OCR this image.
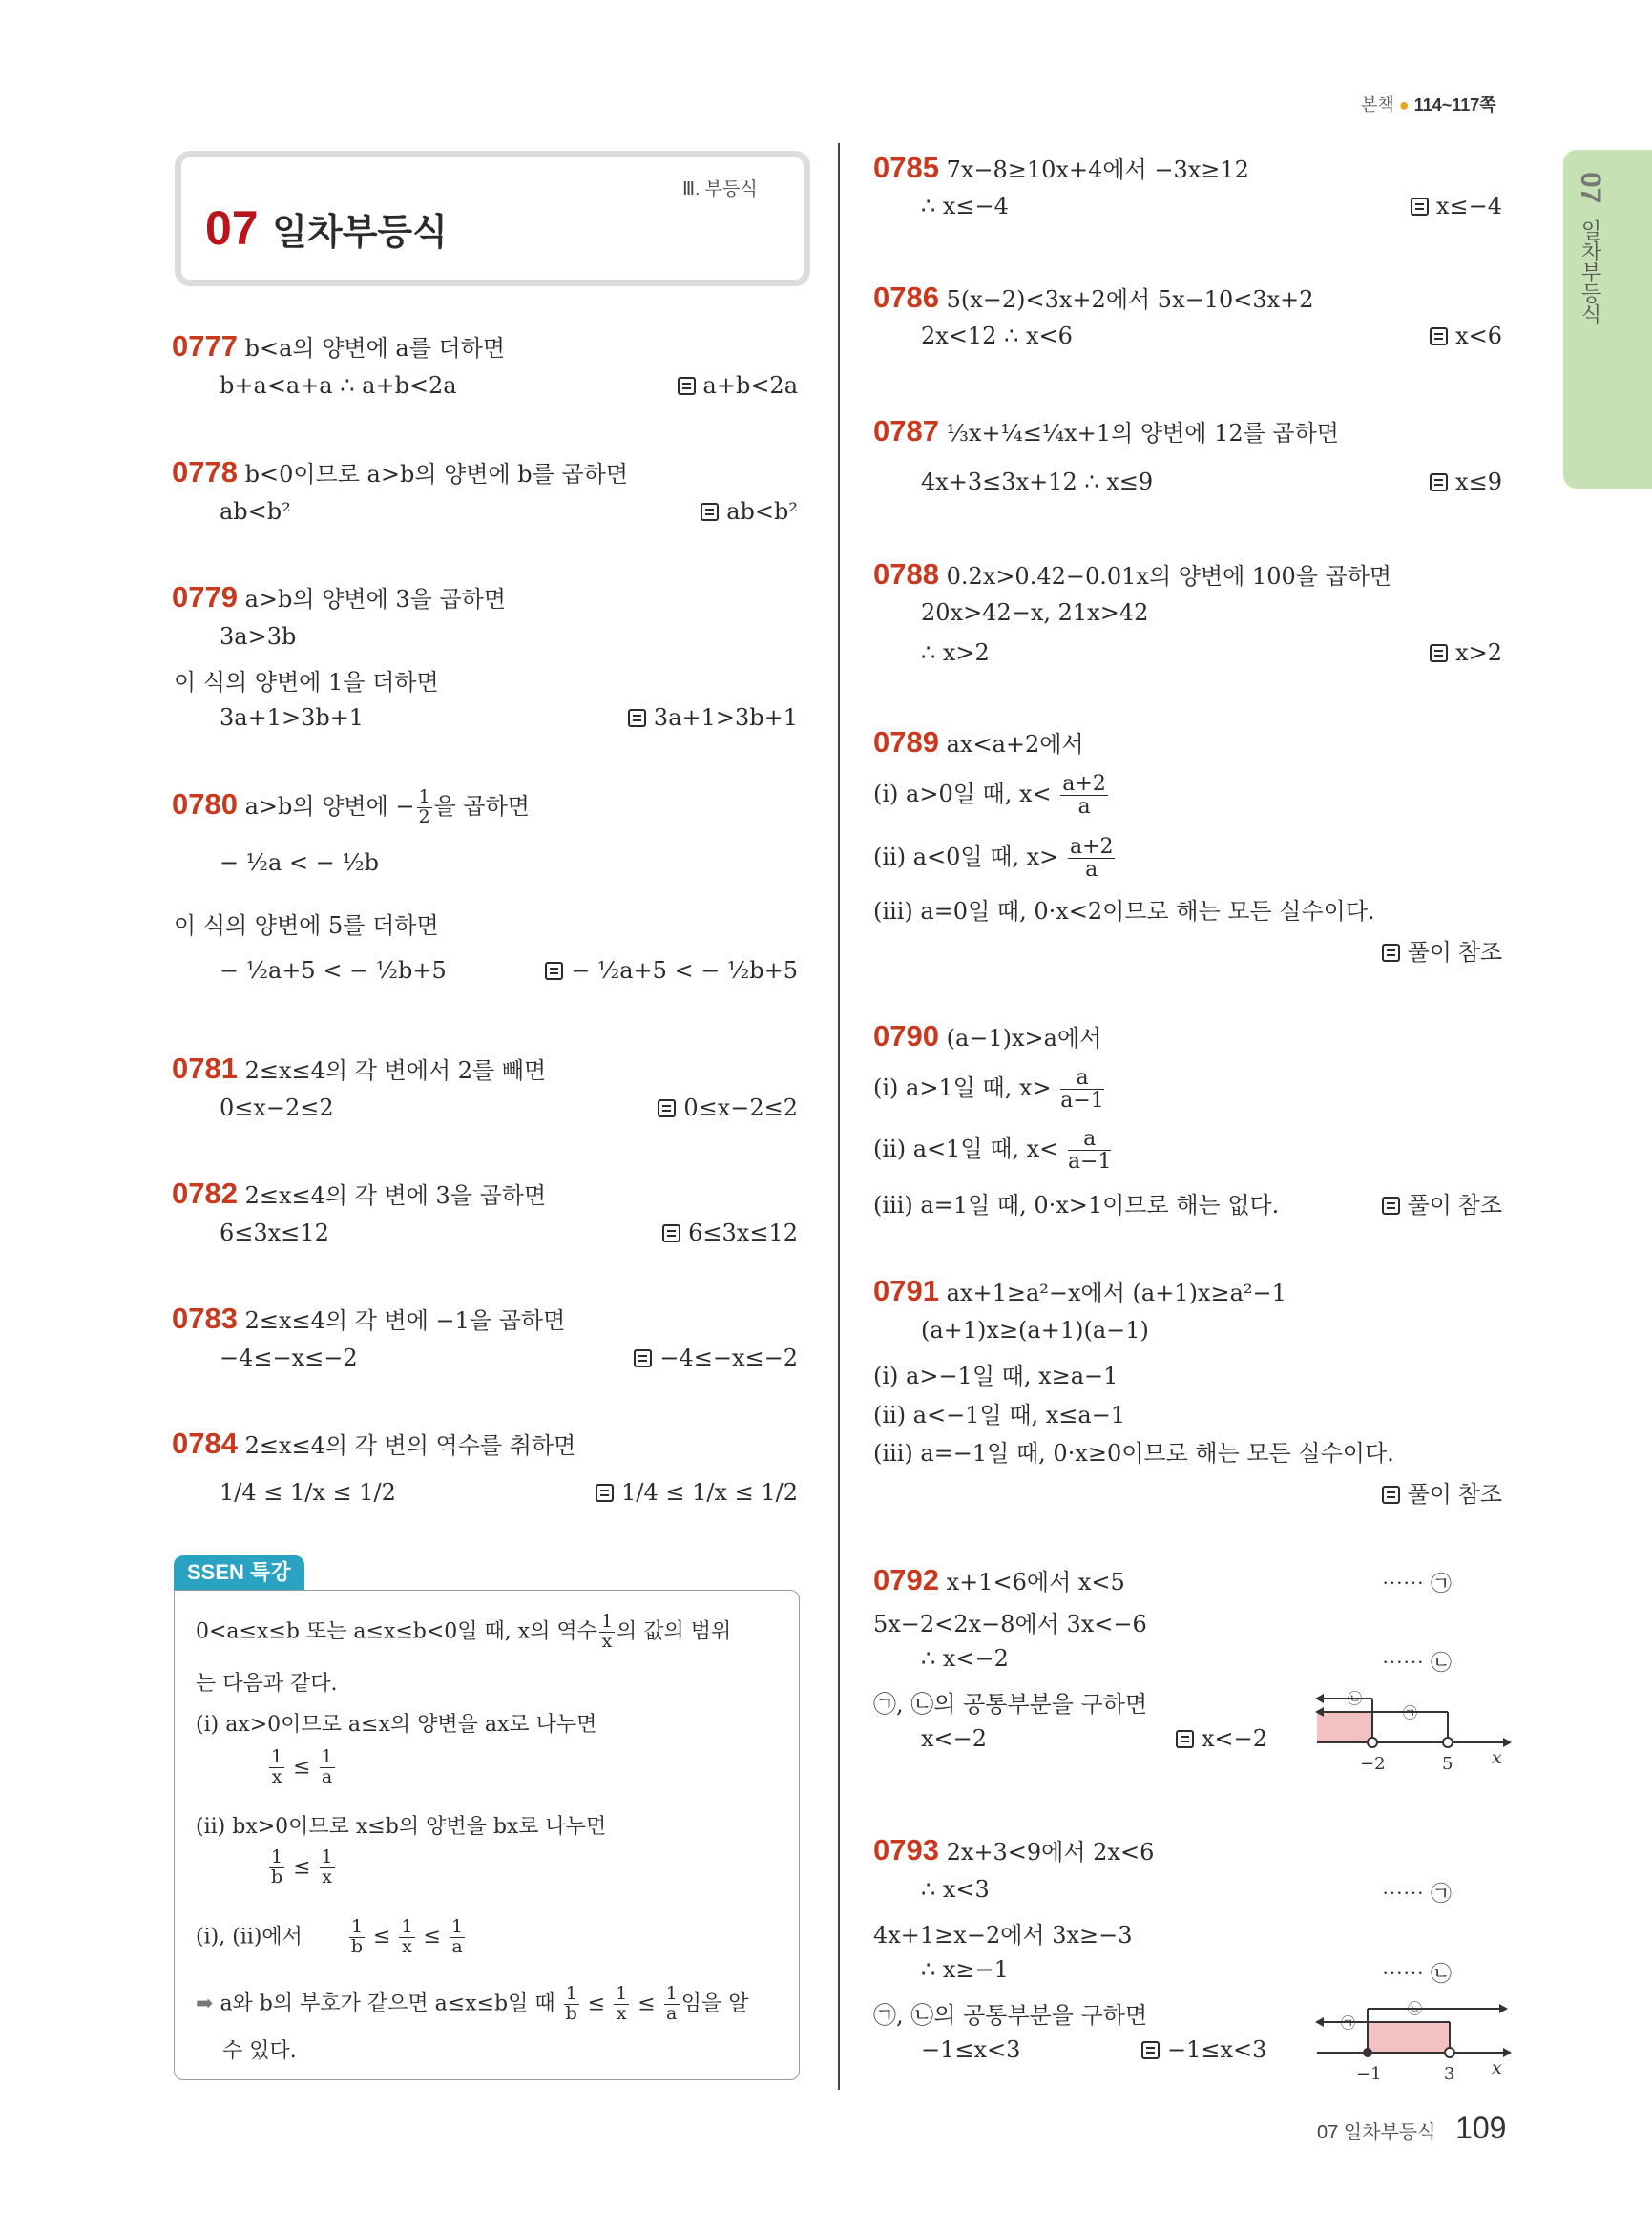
본책 ● 114~117쪽
07 일차부등식
Ⅲ. 부등식
07 일차부등식
0777 b<a의 양변에 a를 더하면
b+a<a+a ∴ a+b<2a	a+b<2a
0778 b<0이므로 a>b의 양변에 b를 곱하면
ab<b²	ab<b²
0779 a>b의 양변에 3을 곱하면
3a>3b
이 식의 양변에 1을 더하면
3a+1>3b+1	3a+1>3b+1
0780 a>b의 양변에 − $\frac{1}{2}$ 을 곱하면
− ½a < − ½b
이 식의 양변에 5를 더하면
− ½a+5 < − ½b+5	− ½a+5 < − ½b+5
0781 2≤x≤4의 각 변에서 2를 빼면
0≤x−2≤2	0≤x−2≤2
0782 2≤x≤4의 각 변에 3을 곱하면
6≤3x≤12	6≤3x≤12
0783 2≤x≤4의 각 변에 −1을 곱하면
−4≤−x≤−2	−4≤−x≤−2
0784 2≤x≤4의 각 변의 역수를 취하면
1/4 ≤ 1/x ≤ 1/2	1/4 ≤ 1/x ≤ 1/2
SSEN 특강
0<a≤x≤b 또는 a≤x≤b<0일 때, x의 역수 $\frac{1}{x}$ 의 값의 범위
는 다음과 같다.
(ⅰ) ax>0이므로 a≤x의 양변을 ax로 나누면
$\frac{1}{x} \le \frac{1}{a}$
(ⅱ) bx>0이므로 x≤b의 양변을 bx로 나누면
$\frac{1}{b} \le \frac{1}{x}$
(ⅰ), (ⅱ)에서	$\frac{1}{b} \le \frac{1}{x} \le \frac{1}{a}$
➡ a와 b의 부호가 같으면 a≤x≤b일 때 $\frac{1}{b} \le \frac{1}{x} \le \frac{1}{a}$ 임을 알
수 있다.
0785 7x−8≥10x+4에서 −3x≥12
∴ x≤−4	x≤−4
0786 5(x−2)<3x+2에서 5x−10<3x+2
2x<12 ∴ x<6	x<6
0787 ⅓x+¼≤¼x+1의 양변에 12를 곱하면
4x+3≤3x+12 ∴ x≤9	x≤9
0788 0.2x>0.42−0.01x의 양변에 100을 곱하면
20x>42−x, 21x>42
∴ x>2	x>2
0789 ax<a+2에서
(ⅰ) a>0일 때, $x< \frac{a+2}{a}$
(ⅱ) a<0일 때, $x> \frac{a+2}{a}$
(ⅲ) a=0일 때, 0·x<2이므로 해는 모든 실수이다.
풀이 참조
0790 (a−1)x>a에서
(ⅰ) a>1일 때, $x> \frac{a}{a-1}$
(ⅱ) a<1일 때, $x< \frac{a}{a-1}$
(ⅲ) a=1일 때, 0·x>1이므로 해는 없다.	풀이 참조
0791 ax+1≥a²−x에서 (a+1)x≥a²−1
(a+1)x≥(a+1)(a−1)
(ⅰ) a>−1일 때, x≥a−1
(ⅱ) a<−1일 때, x≤a−1
(ⅲ) a=−1일 때, 0·x≥0이므로 해는 모든 실수이다.
풀이 참조
0792 x+1<6에서 x<5	⋯⋯ ㉠
5x−2<2x−8에서 3x<−6
∴ x<−2	⋯⋯ ㉡
㉠, ㉡의 공통부분을 구하면
x<−2	x<−2
㉡
㉠
−2	5 x
0793 2x+3<9에서 2x<6
∴ x<3	⋯⋯ ㉠
4x+1≥x−2에서 3x≥−3
∴ x≥−1	⋯⋯ ㉡
㉠, ㉡의 공통부분을 구하면
−1≤x<3	−1≤x<3
㉠
㉡
−1	3 x
07 일차부등식 109
